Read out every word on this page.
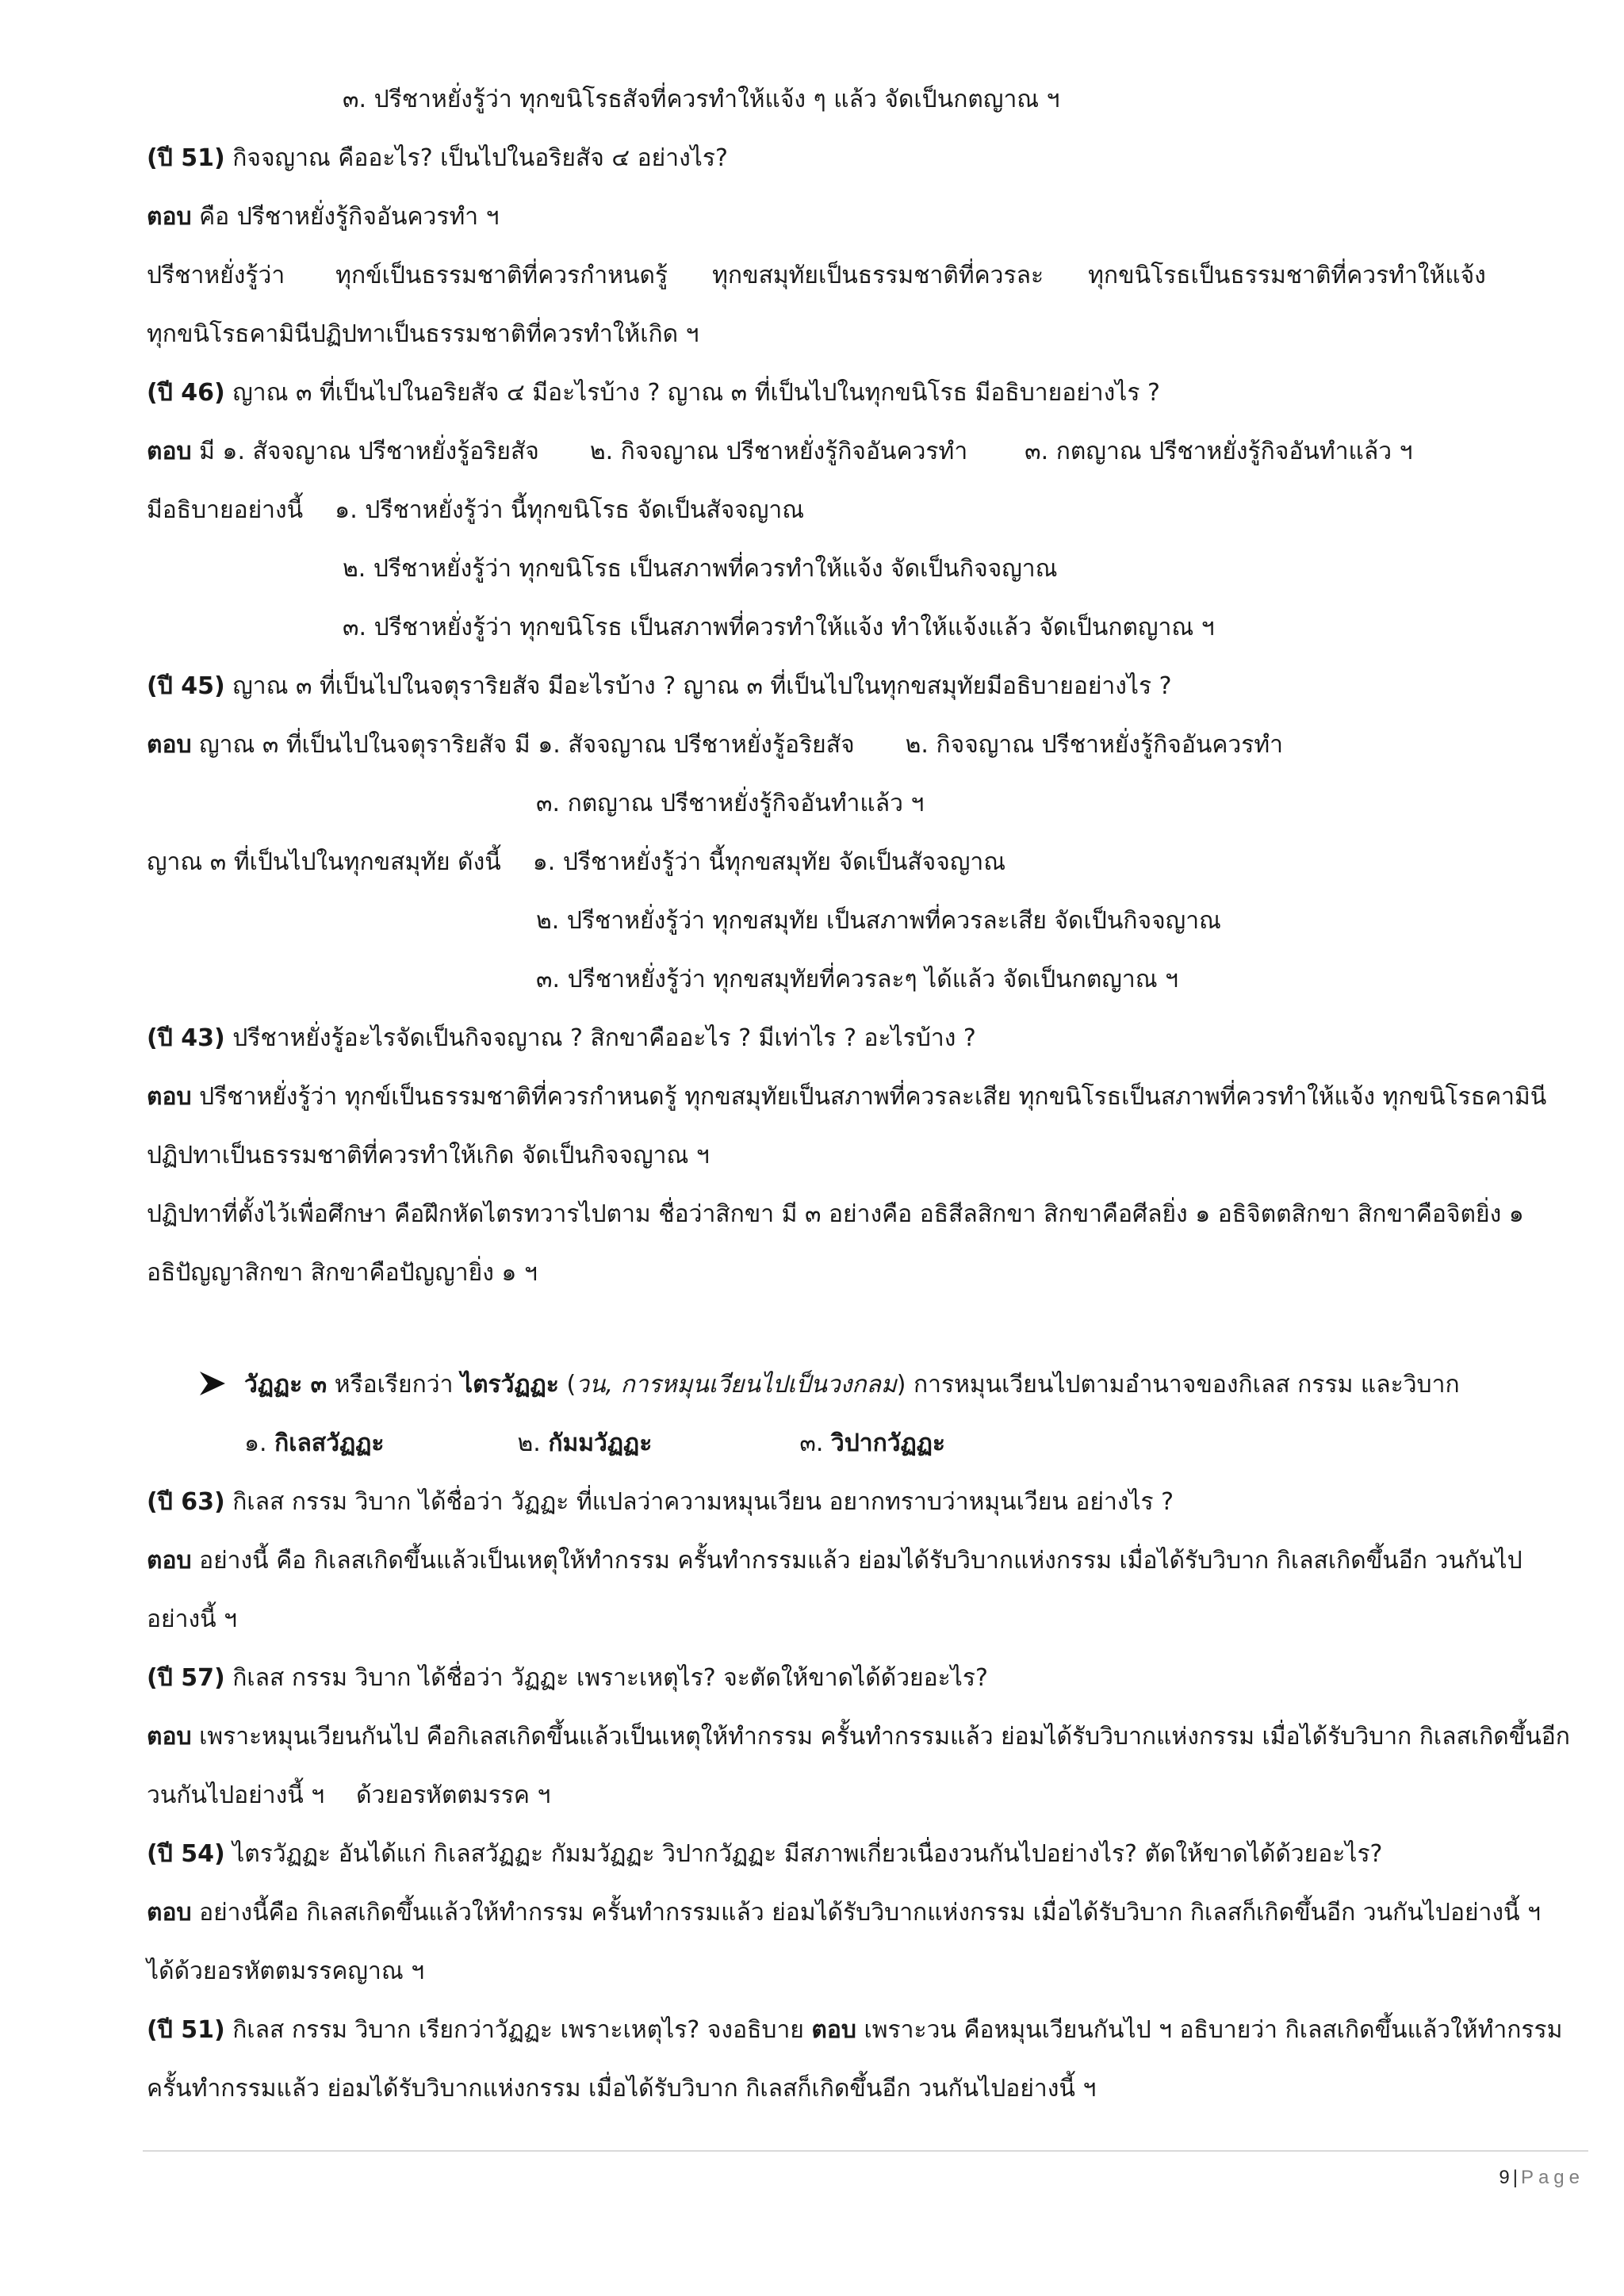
๓. ปรีชาหยั่งรู้ว่า ทุกขนิโรธสัจที่ควรทำให้แจ้ง ๆ แล้ว จัดเป็นกตญาณ ฯ
(ปี 51) กิจจญาณ คืออะไร? เป็นไปในอริยสัจ ๔ อย่างไร?
ตอบ คือ ปรีชาหยั่งรู้กิจอันควรทำ ฯ
ปรีชาหยั่งรู้ว่า ทุกข์เป็นธรรมชาติที่ควรกำหนดรู้ ทุกขสมุทัยเป็นธรรมชาติที่ควรละ ทุกขนิโรธเป็นธรรมชาติที่ควรทำให้แจ้ง
ทุกขนิโรธคามินีปฏิปทาเป็นธรรมชาติที่ควรทำให้เกิด ฯ
(ปี 46) ญาณ ๓ ที่เป็นไปในอริยสัจ ๔ มีอะไรบ้าง ? ญาณ ๓ ที่เป็นไปในทุกขนิโรธ มีอธิบายอย่างไร ?
ตอบ มี ๑. สัจจญาณ ปรีชาหยั่งรู้อริยสัจ ๒. กิจจญาณ ปรีชาหยั่งรู้กิจอันควรทำ ๓. กตญาณ ปรีชาหยั่งรู้กิจอันทำแล้ว ฯ
มีอธิบายอย่างนี้ ๑. ปรีชาหยั่งรู้ว่า นี้ทุกขนิโรธ จัดเป็นสัจจญาณ
๒. ปรีชาหยั่งรู้ว่า ทุกขนิโรธ เป็นสภาพที่ควรทำให้แจ้ง จัดเป็นกิจจญาณ
๓. ปรีชาหยั่งรู้ว่า ทุกขนิโรธ เป็นสภาพที่ควรทำให้แจ้ง ทำให้แจ้งแล้ว จัดเป็นกตญาณ ฯ
(ปี 45) ญาณ ๓ ที่เป็นไปในจตุราริยสัจ มีอะไรบ้าง ? ญาณ ๓ ที่เป็นไปในทุกขสมุทัยมีอธิบายอย่างไร ?
ตอบ ญาณ ๓ ที่เป็นไปในจตุราริยสัจ มี ๑. สัจจญาณ ปรีชาหยั่งรู้อริยสัจ ๒. กิจจญาณ ปรีชาหยั่งรู้กิจอันควรทำ
๓. กตญาณ ปรีชาหยั่งรู้กิจอันทำแล้ว ฯ
ญาณ ๓ ที่เป็นไปในทุกขสมุทัย ดังนี้ ๑. ปรีชาหยั่งรู้ว่า นี้ทุกขสมุทัย จัดเป็นสัจจญาณ
๒. ปรีชาหยั่งรู้ว่า ทุกขสมุทัย เป็นสภาพที่ควรละเสีย จัดเป็นกิจจญาณ
๓. ปรีชาหยั่งรู้ว่า ทุกขสมุทัยที่ควรละๆ ได้แล้ว จัดเป็นกตญาณ ฯ
(ปี 43) ปรีชาหยั่งรู้อะไรจัดเป็นกิจจญาณ ? สิกขาคืออะไร ? มีเท่าไร ? อะไรบ้าง ?
ตอบ ปรีชาหยั่งรู้ว่า ทุกข์เป็นธรรมชาติที่ควรกำหนดรู้ ทุกขสมุทัยเป็นสภาพที่ควรละเสีย ทุกขนิโรธเป็นสภาพที่ควรทำให้แจ้ง ทุกขนิโรธคามินี
ปฏิปทาเป็นธรรมชาติที่ควรทำให้เกิด จัดเป็นกิจจญาณ ฯ
ปฏิปทาที่ตั้งไว้เพื่อศึกษา คือฝึกหัดไตรทวารไปตาม ชื่อว่าสิกขา มี ๓ อย่างคือ อธิสีลสิกขา สิกขาคือศีลยิ่ง ๑ อธิจิตตสิกขา สิกขาคือจิตยิ่ง ๑
อธิปัญญาสิกขา สิกขาคือปัญญายิ่ง ๑ ฯ
วัฏฏะ ๓ หรือเรียกว่า ไตรวัฏฏะ (วน, การหมุนเวียนไปเป็นวงกลม) การหมุนเวียนไปตามอำนาจของกิเลส กรรม และวิบาก
๑. กิเลสวัฏฏะ	๒. กัมมวัฏฏะ	๓. วิปากวัฏฏะ
(ปี 63) กิเลส กรรม วิบาก ได้ชื่อว่า วัฏฏะ ที่แปลว่าความหมุนเวียน อยากทราบว่าหมุนเวียน อย่างไร ?
ตอบ อย่างนี้ คือ กิเลสเกิดขึ้นแล้วเป็นเหตุให้ทำกรรม ครั้นทำกรรมแล้ว ย่อมได้รับวิบากแห่งกรรม เมื่อได้รับวิบาก กิเลสเกิดขึ้นอีก วนกันไป
อย่างนี้ ฯ
(ปี 57) กิเลส กรรม วิบาก ได้ชื่อว่า วัฏฏะ เพราะเหตุไร? จะตัดให้ขาดได้ด้วยอะไร?
ตอบ เพราะหมุนเวียนกันไป คือกิเลสเกิดขึ้นแล้วเป็นเหตุให้ทำกรรม ครั้นทำกรรมแล้ว ย่อมได้รับวิบากแห่งกรรม เมื่อได้รับวิบาก กิเลสเกิดขึ้นอีก
วนกันไปอย่างนี้ ฯ ด้วยอรหัตตมรรค ฯ
(ปี 54) ไตรวัฏฏะ อันได้แก่ กิเลสวัฏฏะ กัมมวัฏฏะ วิปากวัฏฏะ มีสภาพเกี่ยวเนื่องวนกันไปอย่างไร? ตัดให้ขาดได้ด้วยอะไร?
ตอบ อย่างนี้คือ กิเลสเกิดขึ้นแล้วให้ทำกรรม ครั้นทำกรรมแล้ว ย่อมได้รับวิบากแห่งกรรม เมื่อได้รับวิบาก กิเลสก็เกิดขึ้นอีก วนกันไปอย่างนี้ ฯ
ได้ด้วยอรหัตตมรรคญาณ ฯ
(ปี 51) กิเลส กรรม วิบาก เรียกว่าวัฏฏะ เพราะเหตุไร? จงอธิบาย ตอบ เพราะวน คือหมุนเวียนกันไป ฯ อธิบายว่า กิเลสเกิดขึ้นแล้วให้ทำกรรม
ครั้นทำกรรมแล้ว ย่อมได้รับวิบากแห่งกรรม เมื่อได้รับวิบาก กิเลสก็เกิดขึ้นอีก วนกันไปอย่างนี้ ฯ
9 | Page
